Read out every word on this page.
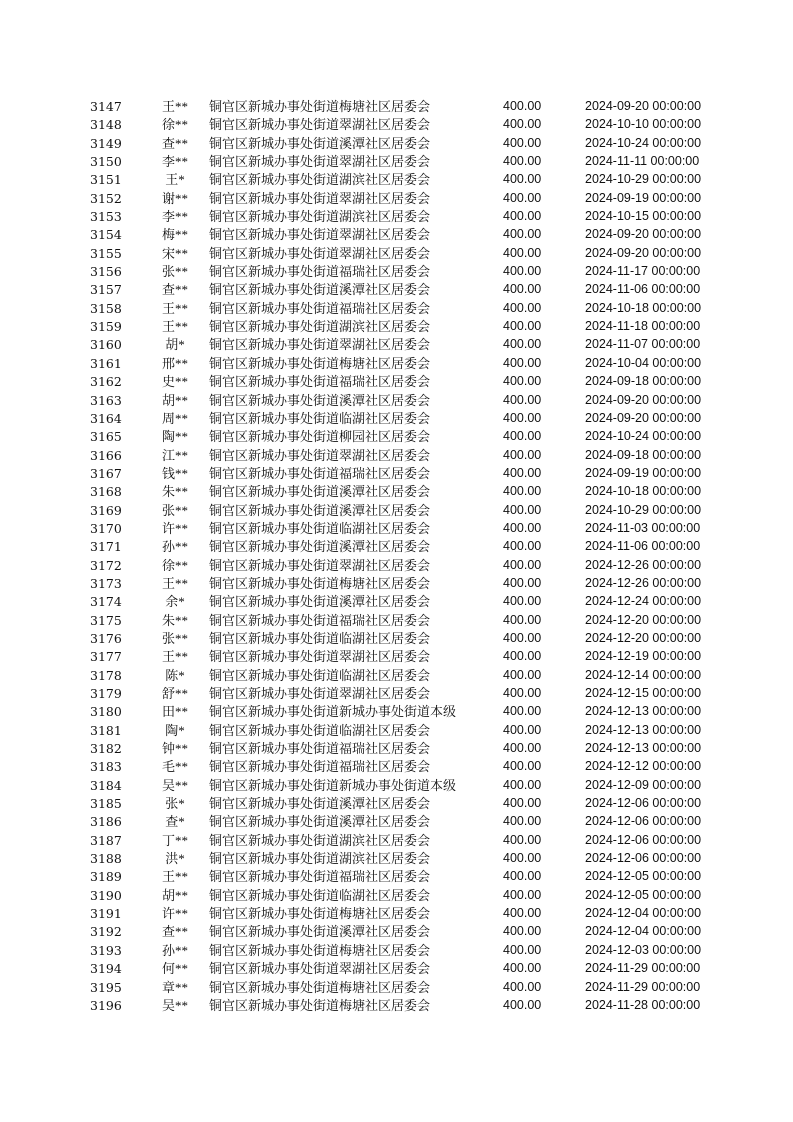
3147	王**	铜官区新城办事处街道梅塘社区居委会	400.00	2024-09-20 00:00:00
3148	徐**	铜官区新城办事处街道翠湖社区居委会	400.00	2024-10-10 00:00:00
3149	查**	铜官区新城办事处街道溪潭社区居委会	400.00	2024-10-24 00:00:00
3150	李**	铜官区新城办事处街道翠湖社区居委会	400.00	2024-11-11 00:00:00
3151	王*	铜官区新城办事处街道湖滨社区居委会	400.00	2024-10-29 00:00:00
3152	谢**	铜官区新城办事处街道翠湖社区居委会	400.00	2024-09-19 00:00:00
3153	李**	铜官区新城办事处街道湖滨社区居委会	400.00	2024-10-15 00:00:00
3154	梅**	铜官区新城办事处街道翠湖社区居委会	400.00	2024-09-20 00:00:00
3155	宋**	铜官区新城办事处街道翠湖社区居委会	400.00	2024-09-20 00:00:00
3156	张**	铜官区新城办事处街道福瑞社区居委会	400.00	2024-11-17 00:00:00
3157	查**	铜官区新城办事处街道溪潭社区居委会	400.00	2024-11-06 00:00:00
3158	王**	铜官区新城办事处街道福瑞社区居委会	400.00	2024-10-18 00:00:00
3159	王**	铜官区新城办事处街道湖滨社区居委会	400.00	2024-11-18 00:00:00
3160	胡*	铜官区新城办事处街道翠湖社区居委会	400.00	2024-11-07 00:00:00
3161	邢**	铜官区新城办事处街道梅塘社区居委会	400.00	2024-10-04 00:00:00
3162	史**	铜官区新城办事处街道福瑞社区居委会	400.00	2024-09-18 00:00:00
3163	胡**	铜官区新城办事处街道溪潭社区居委会	400.00	2024-09-20 00:00:00
3164	周**	铜官区新城办事处街道临湖社区居委会	400.00	2024-09-20 00:00:00
3165	陶**	铜官区新城办事处街道柳园社区居委会	400.00	2024-10-24 00:00:00
3166	江**	铜官区新城办事处街道翠湖社区居委会	400.00	2024-09-18 00:00:00
3167	钱**	铜官区新城办事处街道福瑞社区居委会	400.00	2024-09-19 00:00:00
3168	朱**	铜官区新城办事处街道溪潭社区居委会	400.00	2024-10-18 00:00:00
3169	张**	铜官区新城办事处街道溪潭社区居委会	400.00	2024-10-29 00:00:00
3170	许**	铜官区新城办事处街道临湖社区居委会	400.00	2024-11-03 00:00:00
3171	孙**	铜官区新城办事处街道溪潭社区居委会	400.00	2024-11-06 00:00:00
3172	徐**	铜官区新城办事处街道翠湖社区居委会	400.00	2024-12-26 00:00:00
3173	王**	铜官区新城办事处街道梅塘社区居委会	400.00	2024-12-26 00:00:00
3174	余*	铜官区新城办事处街道溪潭社区居委会	400.00	2024-12-24 00:00:00
3175	朱**	铜官区新城办事处街道福瑞社区居委会	400.00	2024-12-20 00:00:00
3176	张**	铜官区新城办事处街道临湖社区居委会	400.00	2024-12-20 00:00:00
3177	王**	铜官区新城办事处街道翠湖社区居委会	400.00	2024-12-19 00:00:00
3178	陈*	铜官区新城办事处街道临湖社区居委会	400.00	2024-12-14 00:00:00
3179	舒**	铜官区新城办事处街道翠湖社区居委会	400.00	2024-12-15 00:00:00
3180	田**	铜官区新城办事处街道新城办事处街道本级	400.00	2024-12-13 00:00:00
3181	陶*	铜官区新城办事处街道临湖社区居委会	400.00	2024-12-13 00:00:00
3182	钟**	铜官区新城办事处街道福瑞社区居委会	400.00	2024-12-13 00:00:00
3183	毛**	铜官区新城办事处街道福瑞社区居委会	400.00	2024-12-12 00:00:00
3184	吴**	铜官区新城办事处街道新城办事处街道本级	400.00	2024-12-09 00:00:00
3185	张*	铜官区新城办事处街道溪潭社区居委会	400.00	2024-12-06 00:00:00
3186	查*	铜官区新城办事处街道溪潭社区居委会	400.00	2024-12-06 00:00:00
3187	丁**	铜官区新城办事处街道湖滨社区居委会	400.00	2024-12-06 00:00:00
3188	洪*	铜官区新城办事处街道湖滨社区居委会	400.00	2024-12-06 00:00:00
3189	王**	铜官区新城办事处街道福瑞社区居委会	400.00	2024-12-05 00:00:00
3190	胡**	铜官区新城办事处街道临湖社区居委会	400.00	2024-12-05 00:00:00
3191	许**	铜官区新城办事处街道梅塘社区居委会	400.00	2024-12-04 00:00:00
3192	查**	铜官区新城办事处街道溪潭社区居委会	400.00	2024-12-04 00:00:00
3193	孙**	铜官区新城办事处街道梅塘社区居委会	400.00	2024-12-03 00:00:00
3194	何**	铜官区新城办事处街道翠湖社区居委会	400.00	2024-11-29 00:00:00
3195	章**	铜官区新城办事处街道梅塘社区居委会	400.00	2024-11-29 00:00:00
3196	吴**	铜官区新城办事处街道梅塘社区居委会	400.00	2024-11-28 00:00:00
